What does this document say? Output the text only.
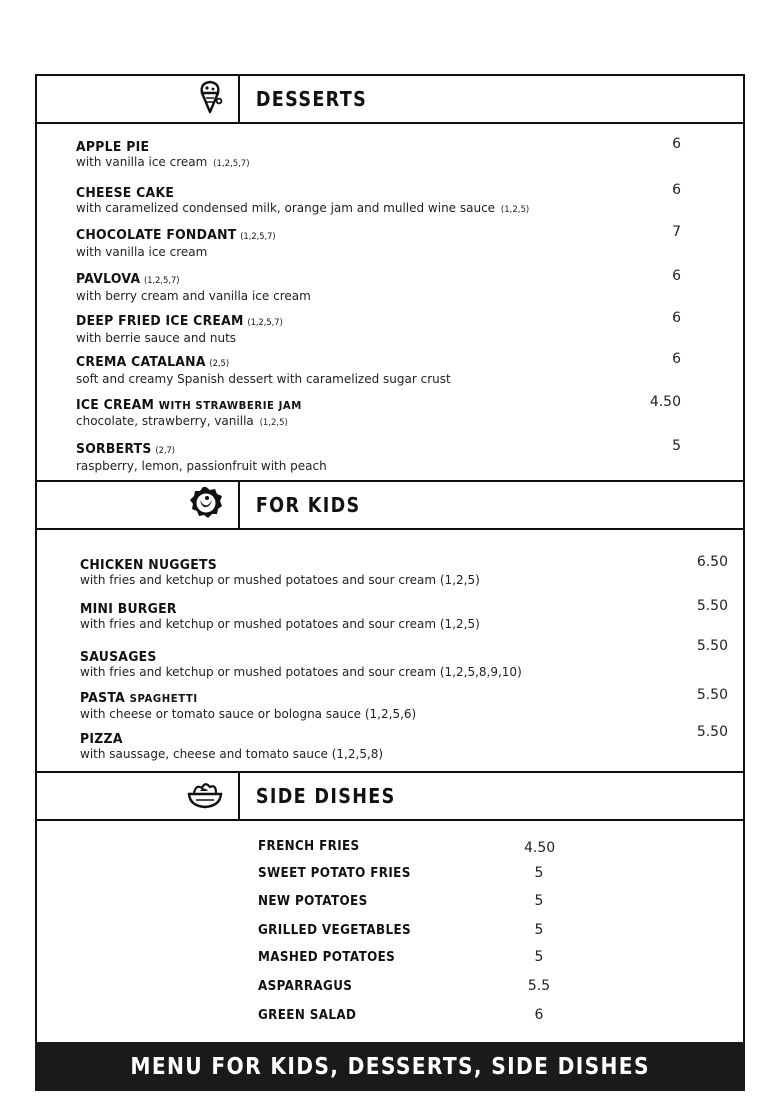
DESSERTS
APPLE PIE
with vanilla ice cream (1,2,5,7)
6
CHEESE CAKE
with caramelized condensed milk, orange jam and mulled wine sauce (1,2,5)
6
CHOCOLATE FONDANT (1,2,5,7)
with vanilla ice cream
7
PAVLOVA (1,2,5,7)
with berry cream and vanilla ice cream
6
DEEP FRIED ICE CREAM (1,2,5,7)
with berrie sauce and nuts
6
CREMA CATALANA (2,5)
soft and creamy Spanish dessert with caramelized sugar crust
6
ICE CREAM WITH STRAWBERIE JAM
chocolate, strawberry, vanilla (1,2,5)
4.50
SORBERTS (2,7)
raspberry, lemon, passionfruit with peach
5
FOR KIDS
CHICKEN NUGGETS
with fries and ketchup or mushed potatoes and sour cream (1,2,5)
6.50
MINI BURGER
with fries and ketchup or mushed potatoes and sour cream (1,2,5)
5.50
SAUSAGES
with fries and ketchup or mushed potatoes and sour cream (1,2,5,8,9,10)
5.50
PASTA SPAGHETTI
with cheese or tomato sauce or bologna sauce (1,2,5,6)
5.50
PIZZA
with saussage, cheese and tomato sauce (1,2,5,8)
5.50
SIDE DISHES
FRENCH FRIES	4.50
SWEET POTATO FRIES	5
NEW POTATOES	5
GRILLED VEGETABLES	5
MASHED POTATOES	5
ASPARRAGUS	5.5
GREEN SALAD	6
MENU FOR KIDS, DESSERTS, SIDE DISHES
